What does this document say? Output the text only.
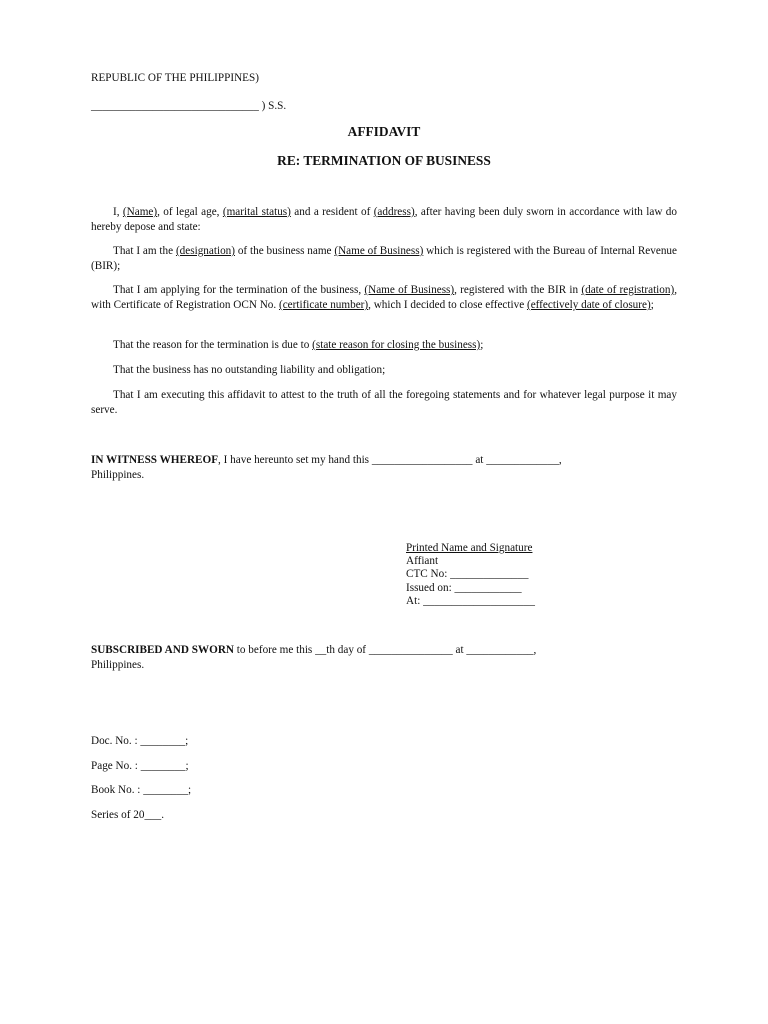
REPUBLIC OF THE PHILIPPINES)
______________________________ ) S.S.
AFFIDAVIT
RE: TERMINATION OF BUSINESS
I, (Name), of legal age, (marital status) and a resident of (address), after having been duly sworn in accordance with law do hereby depose and state:
That I am the (designation) of the business name (Name of Business) which is registered with the Bureau of Internal Revenue (BIR);
That I am applying for the termination of the business, (Name of Business), registered with the BIR in (date of registration), with Certificate of Registration OCN No. (certificate number), which I decided to close effective (effectively date of closure);
That the reason for the termination is due to (state reason for closing the business);
That the business has no outstanding liability and obligation;
That I am executing this affidavit to attest to the truth of all the foregoing statements and for whatever legal purpose it may serve.
IN WITNESS WHEREOF, I have hereunto set my hand this __________________ at _____________,
Philippines.
Printed Name and Signature
Affiant
CTC No: ______________
Issued on: ____________
At: ____________________
SUBSCRIBED AND SWORN to before me this __th day of _______________ at ____________,
Philippines.
Doc. No. : ________;
Page No. : ________;
Book No. : ________;
Series of 20___.
